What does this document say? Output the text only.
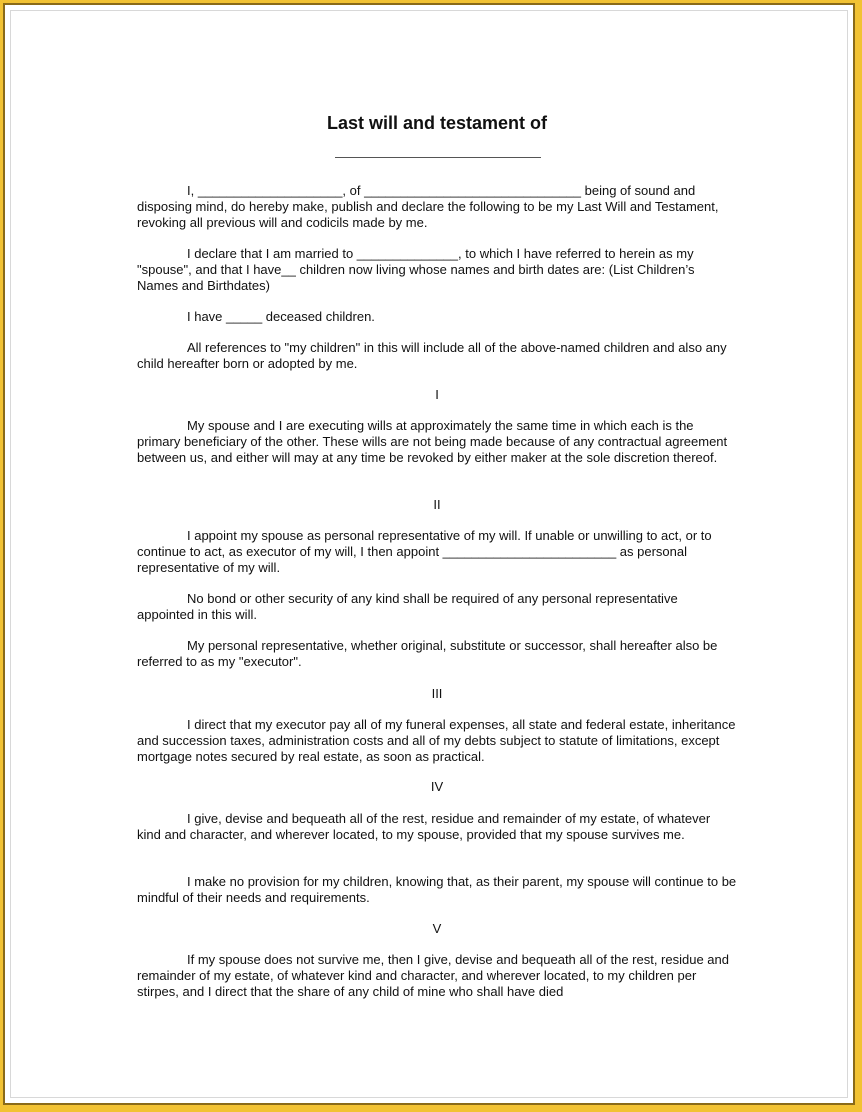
Last will and testament of

I, ____________________, of ______________________________ being of sound and disposing mind, do hereby make, publish and declare the following to be my Last Will and Testament, revoking all previous will and codicils made by me.

I declare that I am married to ______________, to which I have referred to herein as my "spouse", and that I have__ children now living whose names and birth dates are: (List Children’s Names and Birthdates)

I have _____ deceased children.

All references to "my children" in this will include all of the above-named children and also any child hereafter born or adopted by me.

I

My spouse and I are executing wills at approximately the same time in which each is the primary beneficiary of the other. These wills are not being made because of any contractual agreement between us, and either will may at any time be revoked by either maker at the sole discretion thereof.

II

I appoint my spouse as personal representative of my will. If unable or unwilling to act, or to continue to act, as executor of my will, I then appoint ________________________ as personal representative of my will.

No bond or other security of any kind shall be required of any personal representative appointed in this will.

My personal representative, whether original, substitute or successor, shall hereafter also be referred to as my "executor".

III

I direct that my executor pay all of my funeral expenses, all state and federal estate, inheritance and succession taxes, administration costs and all of my debts subject to statute of limitations, except mortgage notes secured by real estate, as soon as practical.

IV

I give, devise and bequeath all of the rest, residue and remainder of my estate, of whatever kind and character, and wherever located, to my spouse, provided that my spouse survives me.

I make no provision for my children, knowing that, as their parent, my spouse will continue to be mindful of their needs and requirements.

V

If my spouse does not survive me, then I give, devise and bequeath all of the rest, residue and remainder of my estate, of whatever kind and character, and wherever located, to my children per stirpes, and I direct that the share of any child of mine who shall have died
